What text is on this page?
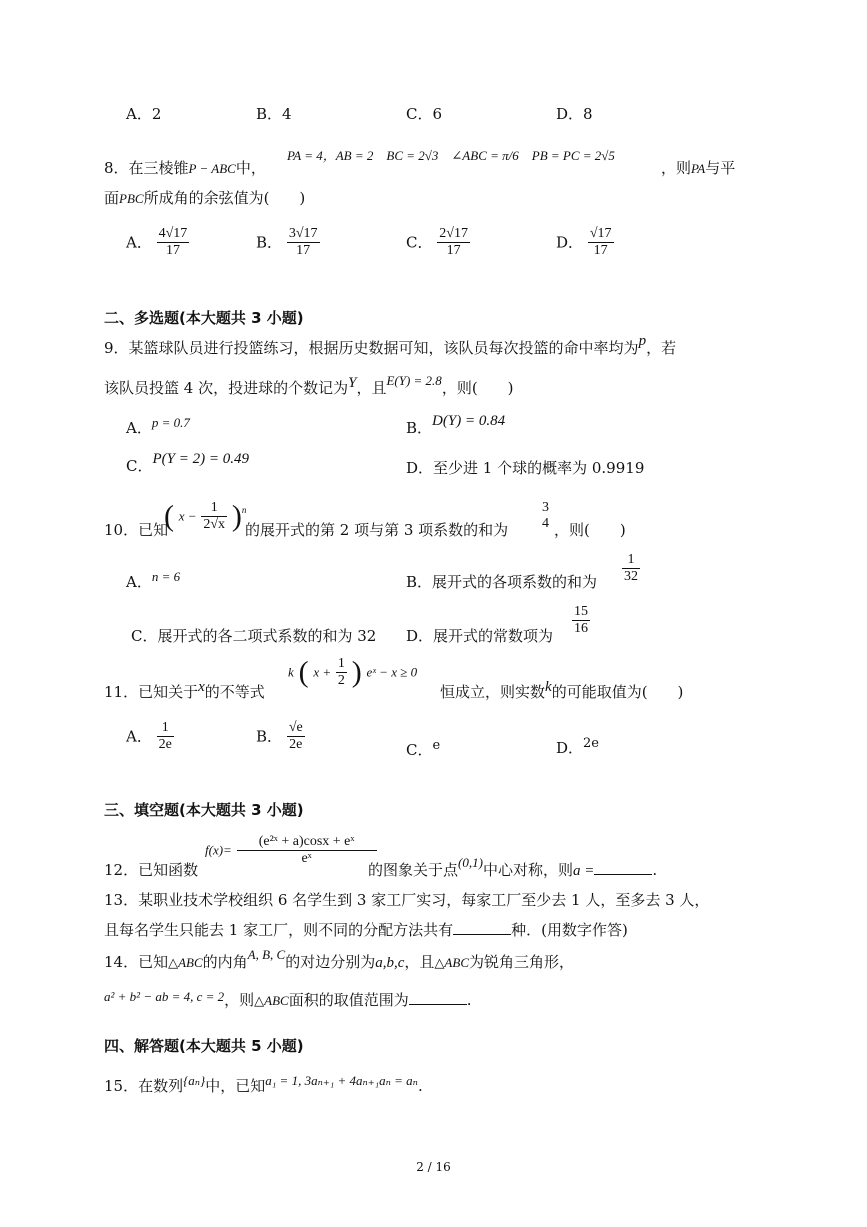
A．2	B．4	C．6	D．8
8．在三棱锥P − ABC中，
PA = 4，AB = 2　BC = 2√3　∠ABC = π/6　PB = PC = 2√5
，则PA与平
面PBC所成角的余弦值为(　　)
A． $\frac{4√17}{17}$	B． $\frac{3√17}{17}$	C． $\frac{2√17}{17}$	D． $\frac{√17}{17}$
二、多选题(本大题共 3 小题)
9．某篮球队员进行投篮练习，根据历史数据可知，该队员每次投篮的命中率均为p，若
该队员投篮 4 次，投进球的个数记为Y，且E(Y) = 2.8，则(　　)
A．p = 0.7	B．D(Y) = 0.84
C．P(Y = 2) = 0.49	D．至少进 1 个球的概率为 0.9919
10．已知
( $x - \frac{1}{2√x} )^n$
的展开式的第 2 项与第 3 项系数的和为
3
4 ，则(　　)
A．n = 6	B．展开式的各项系数的和为 $\frac{1}{32}$
C．展开式的各二项式系数的和为 32 D．展开式的常数项为 $\frac{15}{16}$
11．已知关于x的不等式
k ( $x + \frac{1}{2}$ ) eˣ − x ≥ 0
恒成立，则实数k的可能取值为(　　)
A． $\frac{1}{2e}$	B． $\frac{√e}{2e}$	C．e	D．2e
三、填空题(本大题共 3 小题)
12．已知函数
$f(x)= \frac{\text{(e²ˣ + a)cosx + eˣ}}{\text{eˣ}}$
的图象关于点(0,1)中心对称，则a =	.
13．某职业技术学校组织 6 名学生到 3 家工厂实习，每家工厂至少去 1 人，至多去 3 人，
且每名学生只能去 1 家工厂，则不同的分配方法共有	种．(用数字作答)
14．已知△ABC的内角A, B, C的对边分别为a,b,c，且△ABC为锐角三角形，
a² + b² − ab = 4, c = 2，则△ABC面积的取值范围为	.
四、解答题(本大题共 5 小题)
15．在数列{aₙ}中，已知a₁ = 1, 3aₙ₊₁ + 4aₙ₊₁aₙ = aₙ.
2 / 16
